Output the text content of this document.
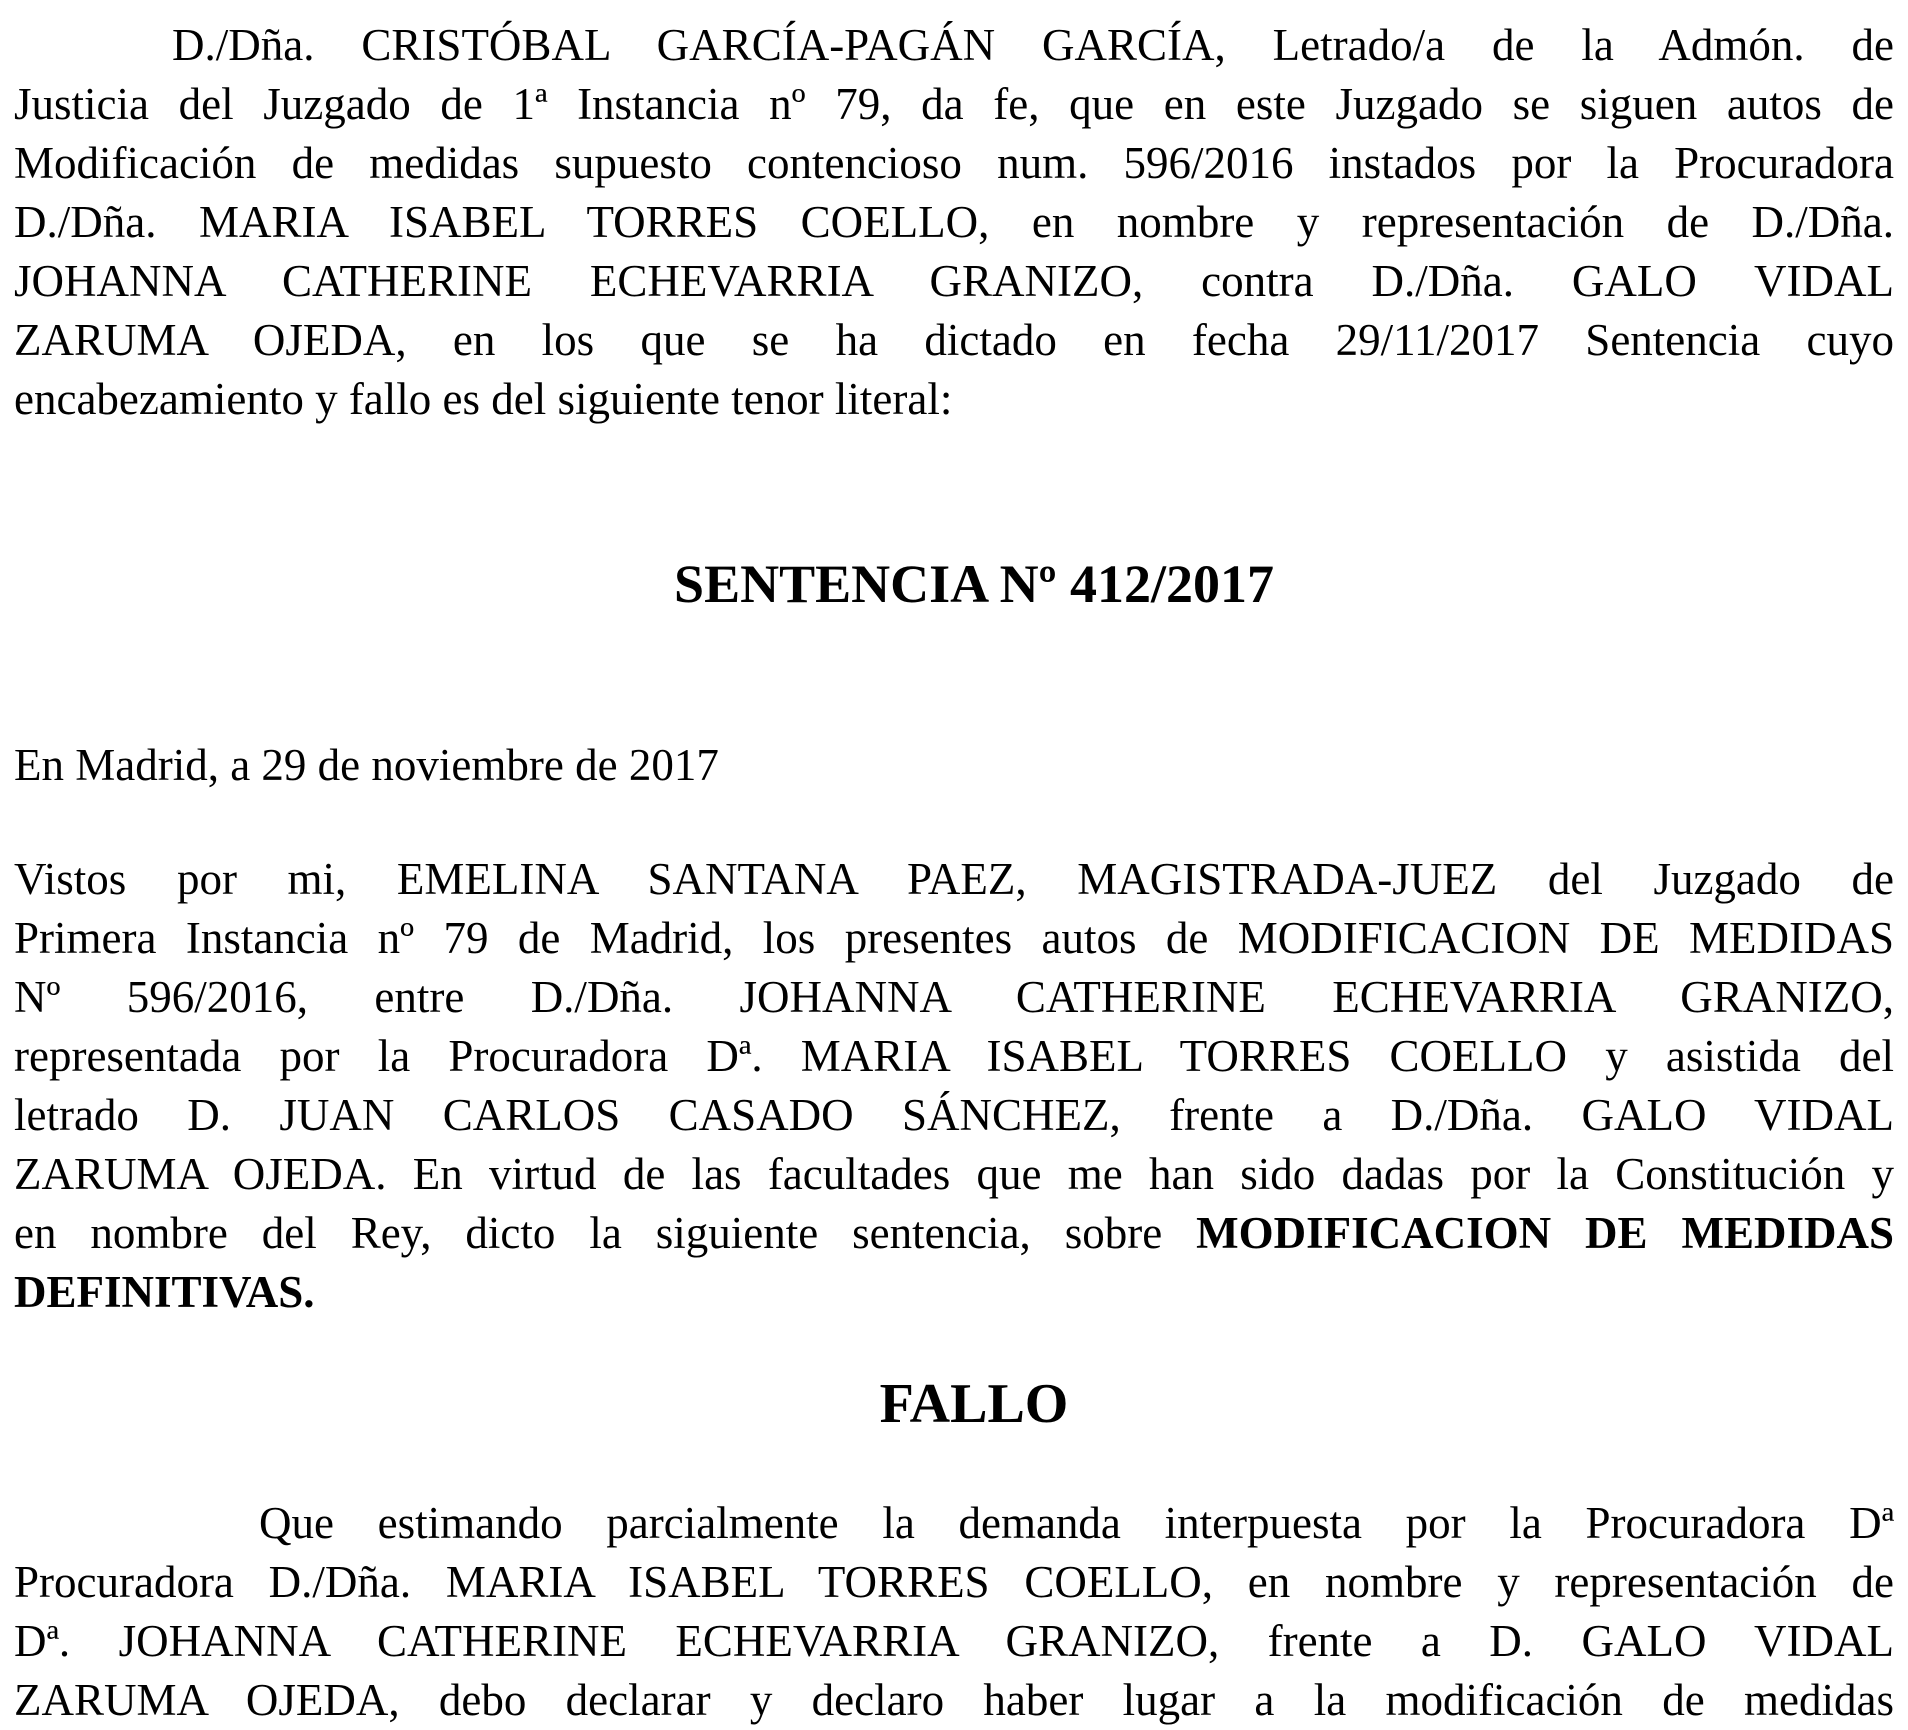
D./Dña. CRISTÓBAL GARCÍA-PAGÁN GARCÍA, Letrado/a de la Admón. de
Justicia del Juzgado de 1ª Instancia nº 79, da fe, que en este Juzgado se siguen autos de
Modificación de medidas supuesto contencioso num. 596/2016 instados por la Procuradora
D./Dña. MARIA ISABEL TORRES COELLO, en nombre y representación de D./Dña.
JOHANNA CATHERINE ECHEVARRIA GRANIZO, contra D./Dña. GALO VIDAL
ZARUMA OJEDA, en los que se ha dictado en fecha 29/11/2017 Sentencia cuyo
encabezamiento y fallo es del siguiente tenor literal:
SENTENCIA Nº 412/2017

En Madrid, a 29 de noviembre de 2017

Vistos por mi, EMELINA SANTANA PAEZ, MAGISTRADA-JUEZ del Juzgado de
Primera Instancia nº 79 de Madrid, los presentes autos de MODIFICACION DE MEDIDAS
Nº 596/2016, entre D./Dña. JOHANNA CATHERINE ECHEVARRIA GRANIZO,
representada por la Procuradora Dª. MARIA ISABEL TORRES COELLO y asistida del
letrado D. JUAN CARLOS CASADO SÁNCHEZ, frente a D./Dña. GALO VIDAL
ZARUMA OJEDA. En virtud de las facultades que me han sido dadas por la Constitución y
en nombre del Rey, dicto la siguiente sentencia, sobre MODIFICACION DE MEDIDAS
DEFINITIVAS.
FALLO
Que estimando parcialmente la demanda interpuesta por la Procuradora Dª
Procuradora D./Dña. MARIA ISABEL TORRES COELLO, en nombre y representación de
Dª. JOHANNA CATHERINE ECHEVARRIA GRANIZO, frente a D. GALO VIDAL
ZARUMA OJEDA, debo declarar y declaro haber lugar a la modificación de medidas
